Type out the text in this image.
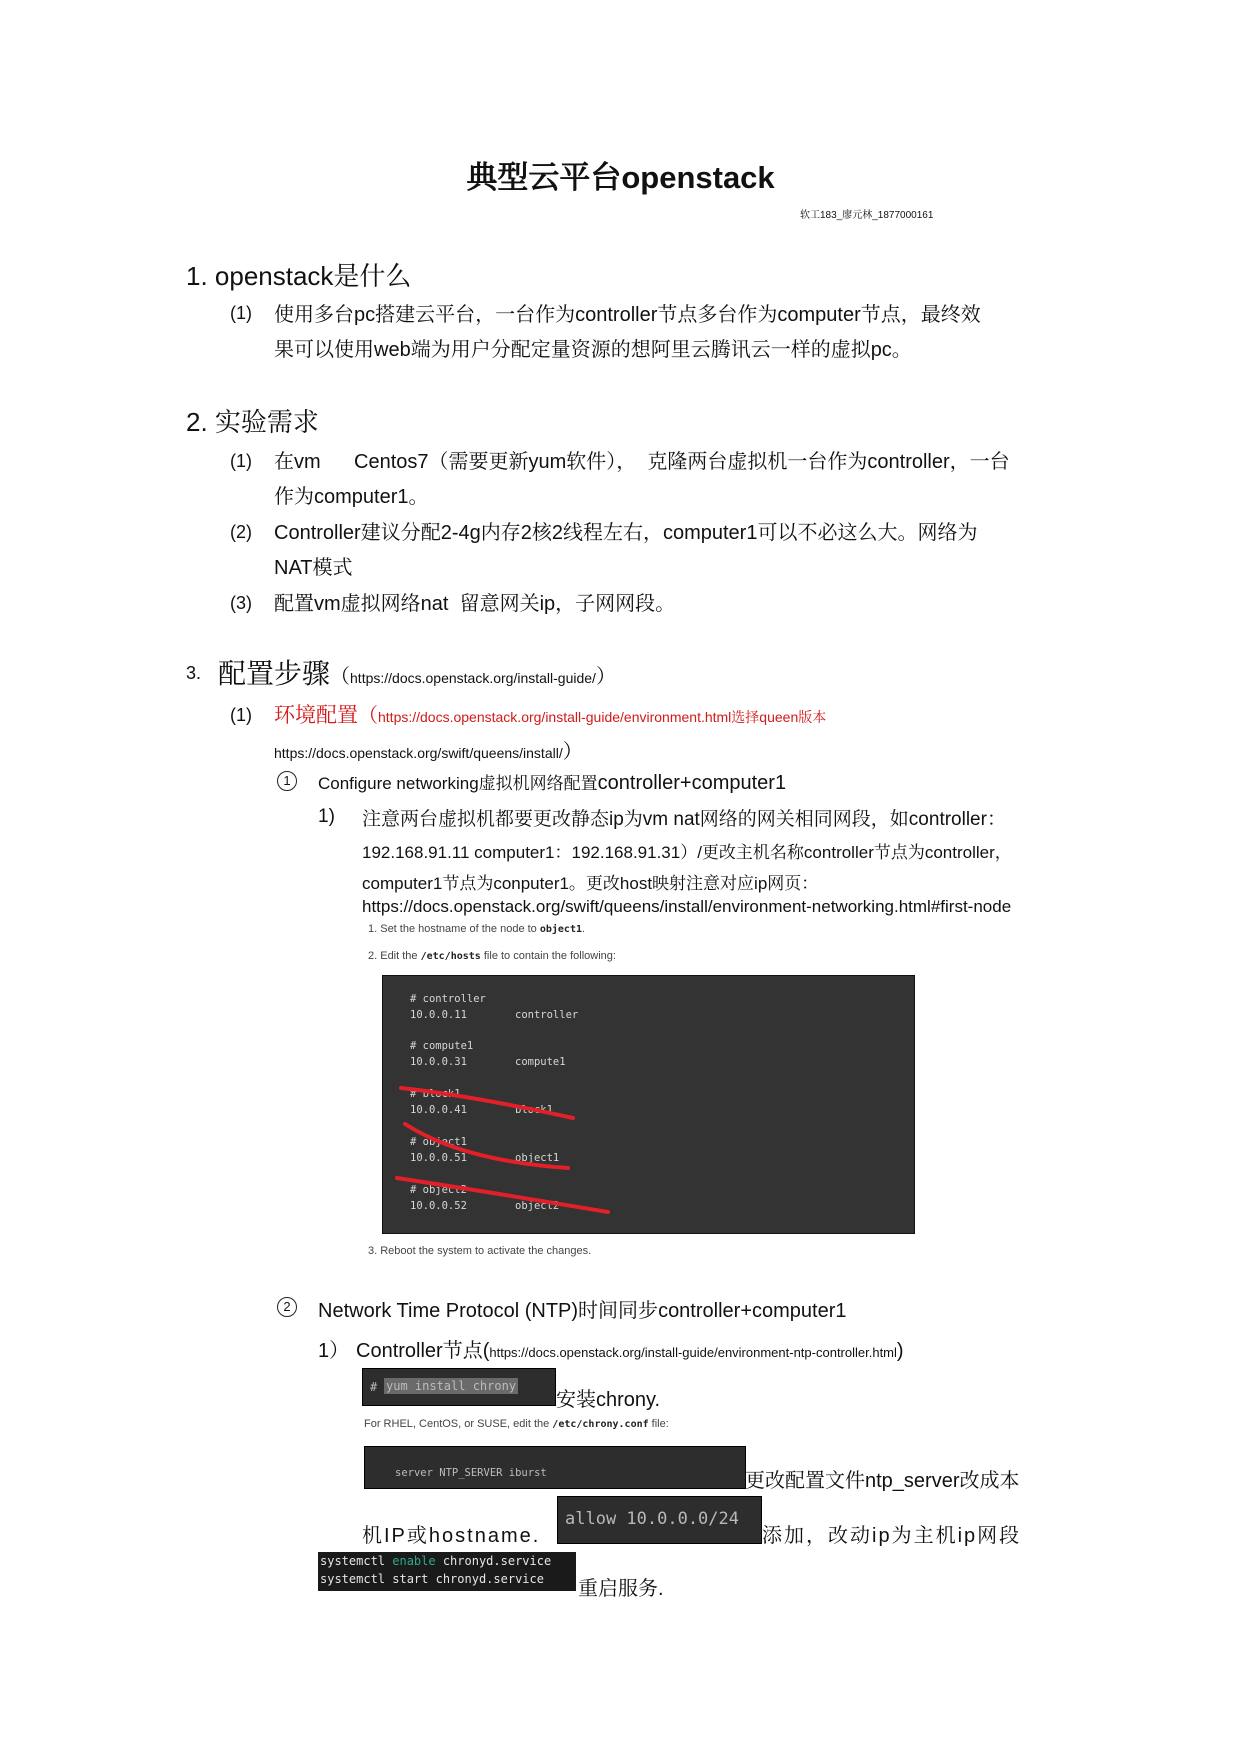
典型云平台openstack
软工183_廖元林_1877000161
1. openstack是什么
(1) 使用多台pc搭建云平台，一台作为controller节点多台作为computer节点，最终效
果可以使用web端为用户分配定量资源的想阿里云腾讯云一样的虚拟pc。
2. 实验需求
(1) 在vm      Centos7（需要更新yum软件），  克隆两台虚拟机一台作为controller，一台
作为computer1。
(2) Controller建议分配2-4g内存2核2线程左右，computer1可以不必这么大。网络为
NAT模式
(3) 配置vm虚拟网络nat  留意网关ip，子网网段。
3. 配置步骤（https://docs.openstack.org/install-guide/）
(1) 环境配置（https://docs.openstack.org/install-guide/environment.html选择queen版本
https://docs.openstack.org/swift/queens/install/）
1	Configure networking虚拟机网络配置controller+computer1
1) 注意两台虚拟机都要更改静态ip为vm nat网络的网关相同网段，如controller：
192.168.91.11 computer1：192.168.91.31）/更改主机名称controller节点为controller，
computer1节点为conputer1。更改host映射注意对应ip网页：
https://docs.openstack.org/swift/queens/install/environment-networking.html#first-node
1. Set the hostname of the node to object1.
2. Edit the /etc/hosts file to contain the following:
# controller
10.0.0.11	controller
# compute1
10.0.0.31	compute1
# block1
10.0.0.41	block1
# object1
10.0.0.51	object1
# object2
10.0.0.52	object2
3. Reboot the system to activate the changes.
2	Network Time Protocol (NTP)时间同步controller+computer1
1） Controller节点(https://docs.openstack.org/install-guide/environment-ntp-controller.html)
# yum install chrony
安装chrony.
For RHEL, CentOS, or SUSE, edit the /etc/chrony.conf file:
server NTP_SERVER iburst	更改配置文件ntp_server改成本
机IP或hostname.
allow 10.0.0.0/24
添加，改动ip为主机ip网段
systemctl enable chronyd.service
systemctl start chronyd.service 重启服务.
